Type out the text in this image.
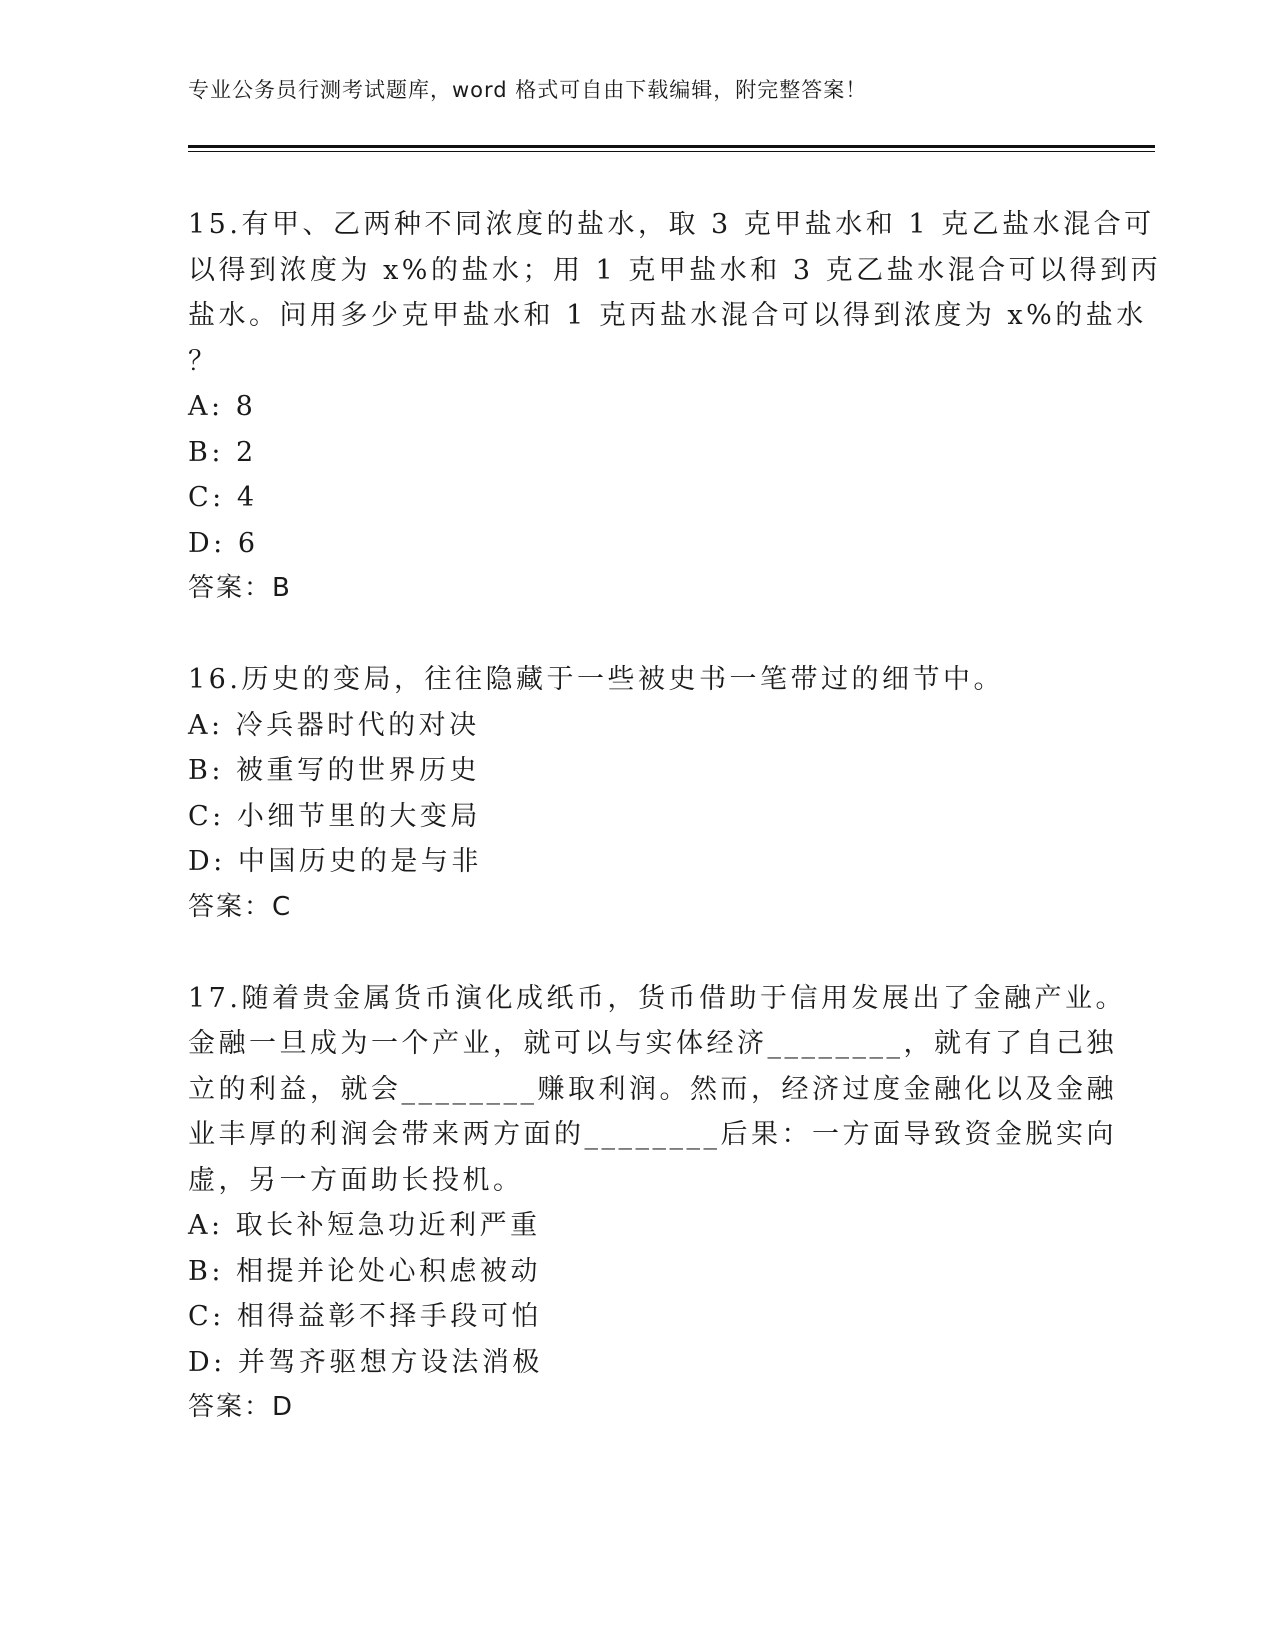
专业公务员行测考试题库，word 格式可自由下载编辑，附完整答案！
15.有甲、乙两种不同浓度的盐水，取 3 克甲盐水和 1 克乙盐水混合可
以得到浓度为 x%的盐水；用 1 克甲盐水和 3 克乙盐水混合可以得到丙
盐水。问用多少克甲盐水和 1 克丙盐水混合可以得到浓度为 x%的盐水
？
A: 8
B: 2
C: 4
D: 6
答案：B
16.历史的变局，往往隐藏于一些被史书一笔带过的细节中。
A: 冷兵器时代的对决
B: 被重写的世界历史
C: 小细节里的大变局
D: 中国历史的是与非
答案：C
17.随着贵金属货币演化成纸币，货币借助于信用发展出了金融产业。
金融一旦成为一个产业，就可以与实体经济________，就有了自己独
立的利益，就会________赚取利润。然而，经济过度金融化以及金融
业丰厚的利润会带来两方面的________后果：一方面导致资金脱实向
虚，另一方面助长投机。
A: 取长补短急功近利严重
B: 相提并论处心积虑被动
C: 相得益彰不择手段可怕
D: 并驾齐驱想方设法消极
答案：D
